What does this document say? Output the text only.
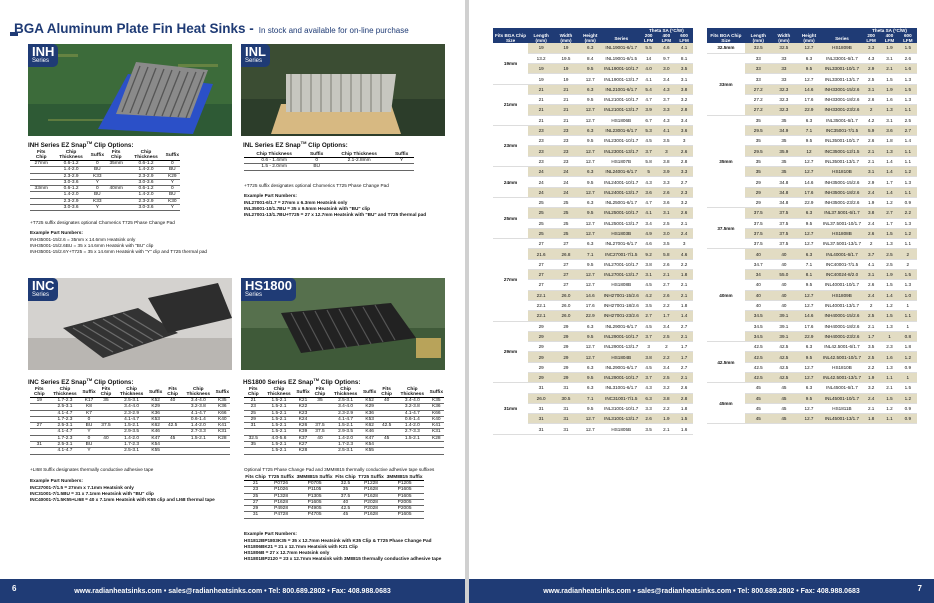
BGA Aluminum Plate Fin Heat Sinks - In stock and available for on-line purchase
INH
Series
INH Series EZ Snap™ Clip Options:
Fits Chip	Chip Thickness	Suffix	Fits Chip	Chip Thickness	Suffix
27mm	0.6-1.2	0	35mm	0.6-1.2	0
	1.4-2.0	BU		1.4-2.0	BU
	2.3-2.9	K33		2.3-2.9	K29
	3.0-3.6	Y		3.0-3.6	Y
33mm	0.6-1.2	0	40mm	0.6-1.2	0
	1.4-2.0	BU		1.4-2.0	BU
	2.3-2.9	K33		2.3-2.9	K30
	3.0-3.6	Y		3.0-3.6	Y
+T725 suffix designates optional Chomerics T725 Phase Change Pad
Example Part Numbers:
INH35001-15/2.6 = 35mm x 14.6mm Heatsink only
INH35001-15/2.6BU = 35 x 14.6mm Heatsink with "BU" clip
INH35001-15/2.6Y+T725 = 35 x 14.6mm Heatsink with "Y" clip and T725 thermal pad
INL
Series
INL Series EZ Snap™ Clip Options:
Chip Thickness	Suffix	Chip Thickness	Suffix
0.6 - 1.4mm	0	2.1-2.8mm	Y
1.5 - 2.0mm	BU		
+T725 suffix designates optional Chomerics T725 Phase Change Pad
Example Part Numbers:
INL27001-6/1.7 = 27mm x 6.3mm Heatsink only
INL35001-10/1.7BU = 35 x 9.5mm Heatsink with "BU" clip
INL27001-13/1.7BU+T725 = 27 x 12.7mm Heatsink with "BU" and T725 thermal pad
INC
Series
INC Series EZ Snap™ Clip Options:
Fits Chip	Chip Thickness	Suffix	Fits Chip	Chip Thickness	Suffix	Fits Chip	Chip Thickness	Suffix
19	1.7-2.3	K17	35	2.5-3.1	K52	40	3.4-4.0	K35
	2.5-3.1	K8		3.4-4.0	K29		3.2-3.8	K36
	4.1-4.7	K7		2.3-2.9	K36		4.1-4.7	K66
	1.7-2.3	0		4.1-4.7	K53		0.6-1.4	K40
27	2.5-3.1	BU	37.5	1.5-2.1	K62	42.5	1.4-2.0	K41
	4.1-4.7	Y		2.9-3.5	K46		2.7-3.3	K31
	1.7-2.3	0	40	1.4-2.0	K47	45	1.5-2.1	K28
31	2.5-3.1	BU		1.7-2.3	K54			
	4.1-4.7	Y		2.5-3.1	K55			
+LI68 Suffix designates thermally conductive adhesive tape
Example Part Numbers:
INC27001-7/1.5 = 27mm x 7.1mm Heatsink only
INC31001-7/1.5BU = 31 x 7.1mm Heatsink with "BU" clip
INC40001-7/1.5K55+LI68 = 40 x 7.1mm Heatsink with K55 clip and LI68 thermal tape
HS1800
Series
HS1800 Series EZ Snap™ Clip Options:
Fits Chip	Chip Thickness	Suffix	Fits Chip	Chip Thickness	Suffix	Fits Chip	Chip Thickness	Suffix
21	1.5-2.1	K21	35	2.5-3.1	K52	40	3.4-4.0	K35
23	1.5-2.1	K22		3.4-4.0	K29		3.2-3.8	K36
25	1.5-2.1	K23		2.3-2.9	K36		4.1-4.7	K66
29	1.5-2.1	K24		4.1-4.7	K53		0.6-1.4	K40
31	1.5-2.1	K26	37.5	1.5-2.1	K62	42.5	1.4-2.0	K41
	1.5-2.1	K39	37.5	2.9-3.5	K46		2.7-3.3	K31
32.5	4.0-5.6	K37	40	1.4-2.0	K47	45	1.5-2.1	K28
35	1.5-2.1	K27		1.7-2.3	K54			
	1.5-2.1	K28		2.5-3.1	K55			
Optional T725 Phase Change Pad and 3MM8815 thermally conductive adhesive tape suffixes
Fits Chip	T725 Suffix	3MM8815 Suffix	Fits Chip	T725 Suffix	3MM8815 Suffix
21	P0726	P0705	32.5	P1228	P1205
23	P1026	P1105	35	P1628	P1605
25	P1328	P1305	37.5	P1628	P1605
27	P1628	P1605	40	P2028	P2005
29	P4928	P4905	42.5	P2028	P2005
31	P4728	P4705	45	P1628	P1605
Example Part Numbers:
HS1812BP1803K35 = 35 x 12.7mm Heatsink with K35 Clip & T725 Phase Change Pad
HS1806BK21 = 21 x 12.7mm Heatsink with K21 Clip
HS1806B = 27 x 12.7mm Heatsink only
HS1801BP2120 = 23 x 12.7mm Heatsink with 3M8815 thermally conductive adhesive tape
www.radianheatsinks.com • sales@radianheatsinks.com • Tel: 800.689.2802 • Fax: 408.988.0683
6
					Theta SA (°C/W)		
Fits BGA Chip Size	Length (mm)	Width (mm)	Height (mm)	Series	200 LFM	400 LFM	600 LFM
19mm	19	19	6.3	INL19001-6/1.7	5.5	4.6	4.1
	13.2	19.5	8.4	INL19001-8/1.5	14	9.7	8.1
	19	19	9.5	INL19001-10/1.7	4.0	3.0	3.5
	19	19	12.7	INL19001-13/1.7	4.1	3.4	3.1
21mm	21	21	6.3	INL21001-6/1.7	5.4	4.3	3.8
	21	21	9.5	INL21001-10/1.7	4.7	3.7	3.2
	21	21	12.7	INL21001-13/1.7	3.9	3.3	2.8
	21	21	12.7	HS1806B	6.7	4.3	3.4
23mm	23	23	6.3	INL23001-6/1.7	5.3	4.1	3.6
	23	23	9.5	INL23001-10/1.7	4.5	3.5	3
	23	23	12.7	INL23001-13/1.7	3.7	3	2.6
	23	23	12.7	HS1807B	5.8	3.8	2.8
24mm	24	24	6.3	INL24001-6/1.7	5	3.9	3.3
	24	24	9.5	INL24001-10/1.7	4.3	3.3	2.7
	24	24	12.7	INL24001-13/1.7	3.6	2.6	2.3
25mm	25	25	6.3	INL25001-6/1.7	4.7	3.6	3.2
	25	25	9.5	INL25001-10/1.7	4.1	3.1	2.6
	25	25	12.7	INL25001-13/1.7	3.4	2.5	2.1
	25	25	12.7	HS1803B	4.9	3.0	2.4
27mm	27	27	6.3	INL27001-6/1.7	4.6	3.5	3
	21.6	26.8	7.1	INC27001-7/1.5	9.2	5.8	4.6
	27	27	9.5	INL27001-10/1.7	3.8	2.6	2.2
	27	27	12.7	INL27001-13/1.7	3.1	2.1	1.8
	27	27	12.7	HS1808B	4.5	2.7	2.1
	22.1	26.0	14.6	INH27001-15/2.6	4.2	2.6	2.1
	22.1	26.0	17.6	INH27001-18/2.6	3.5	2.2	1.8
	22.1	26.0	22.9	INH27001-23/2.6	2.7	1.7	1.4
29mm	29	29	6.3	INL29001-6/1.7	4.5	3.4	2.7
	29	29	9.5	INL29001-10/1.7	3.7	2.5	2.1
	29	29	12.7	INL29001-13/1.7	3	2	1.7
	29	29	12.7	HS1804B	3.8	2.2	1.7
	29	29	6.3	INL29001-6/1.7	4.5	3.4	2.7
	29	29	9.5	INL29001-10/1.7	3.7	2.5	2.1
31mm	31	31	6.3	INL31001-6/1.7	4.3	3.2	2.6
	26.0	30.5	7.1	INC31001-7/1.5	6.3	3.8	2.8
	31	31	9.5	INL31001-10/1.7	3.3	2.2	1.8
	31	31	12.7	INL31001-13/1.7	2.6	1.9	1.5
	31	31	12.7	HS1805B	3.5	2.1	1.6
					Theta SA (°C/W)		
Fits BGA Chip Size	Length (mm)	Width (mm)	Height (mm)	Series	200 LFM	400 LFM	600 LFM
32.5mm	32.5	32.5	12.7	HS1809B	3.3	1.9	1.5
33mm	33	33	6.3	INL33001-6/1.7	4.3	3.1	2.6
	33	33	9.5	INL33001-10/1.7	2.9	2.1	1.6
	33	33	12.7	INL33001-13/1.7	2.5	1.5	1.3
	27.2	32.3	14.6	INH33001-15/2.6	3.1	1.9	1.5
	27.2	32.3	17.6	INH33001-18/2.6	2.6	1.6	1.3
	27.2	32.3	22.9	INH33001-23/2.6	2	1.3	1.1
35mm	35	35	6.3	INL35001-6/1.7	4.2	3.1	2.5
	29.5	34.9	7.1	INC35001-7/1.5	5.9	3.6	2.7
	35	35	9.5	INL35001-10/1.7	2.6	1.8	1.4
	29.5	35.9	12	INC35001-12/1.5	2.1	1.3	1.1
	35	35	12.7	INL35001-13/1.7	2.1	1.4	1.1
	35	35	12.7	HS1810B	3.1	1.4	1.2
	29	34.8	14.6	INH35001-15/2.6	2.9	1.7	1.3
	29	34.8	17.6	INH35001-18/2.6	2.4	1.4	1.1
	29	34.8	22.9	INH35001-23/2.6	1.9	1.2	0.9
37.5mm	37.5	37.5	6.3	INL37.5001-6/1.7	3.8	2.7	2.2
	37.5	37.5	9.5	INL37.5001-10/1.7	2.4	1.7	1.3
	37.5	37.5	12.7	HS1808B	2.6	1.5	1.2
	37.5	37.5	12.7	INL37.5001-13/1.7	2	1.3	1.1
40mm	40	40	6.3	INL40001-6/1.7	3.7	2.5	2
	34.7	40	7.1	INC40001-7/1.5	4.1	2.5	2
	34	55.0	8.1	INC40024-8/2.0	3.1	1.9	1.5
	40	40	9.5	INL40001-10/1.7	2.6	1.5	1.3
	40	40	12.7	HS1809B	2.4	1.4	1.0
	40	40	12.7	INL40001-13/1.7	2	1.2	1
	34.5	39.1	14.6	INH40001-15/2.6	2.5	1.5	1.1
	34.5	39.1	17.6	INH40001-18/2.6	2.1	1.3	1
	34.5	39.1	22.9	INH40001-23/2.6	1.7	1	0.8
42.5mm	42.5	42.5	6.3	INL42.5001-6/1.7	3.5	2.3	1.8
	42.5	42.5	9.5	INL42.5001-10/1.7	2.5	1.6	1.2
	42.5	42.5	12.7	HS1810B	2.2	1.3	0.9
	42.5	42.5	12.7	INL42.5001-13/1.7	1.9	1.1	1
45mm	45	45	6.3	INL45001-6/1.7	3.2	2.1	1.5
	45	45	9.5	INL45001-10/1.7	2.4	1.5	1.2
	45	45	12.7	HS1811B	2.1	1.2	0.9
	45	45	12.7	INL45001-13/1.7	1.8	1.1	0.9
www.radianheatsinks.com • sales@radianheatsinks.com • Tel: 800.689.2802 • Fax: 408.988.0683	7
